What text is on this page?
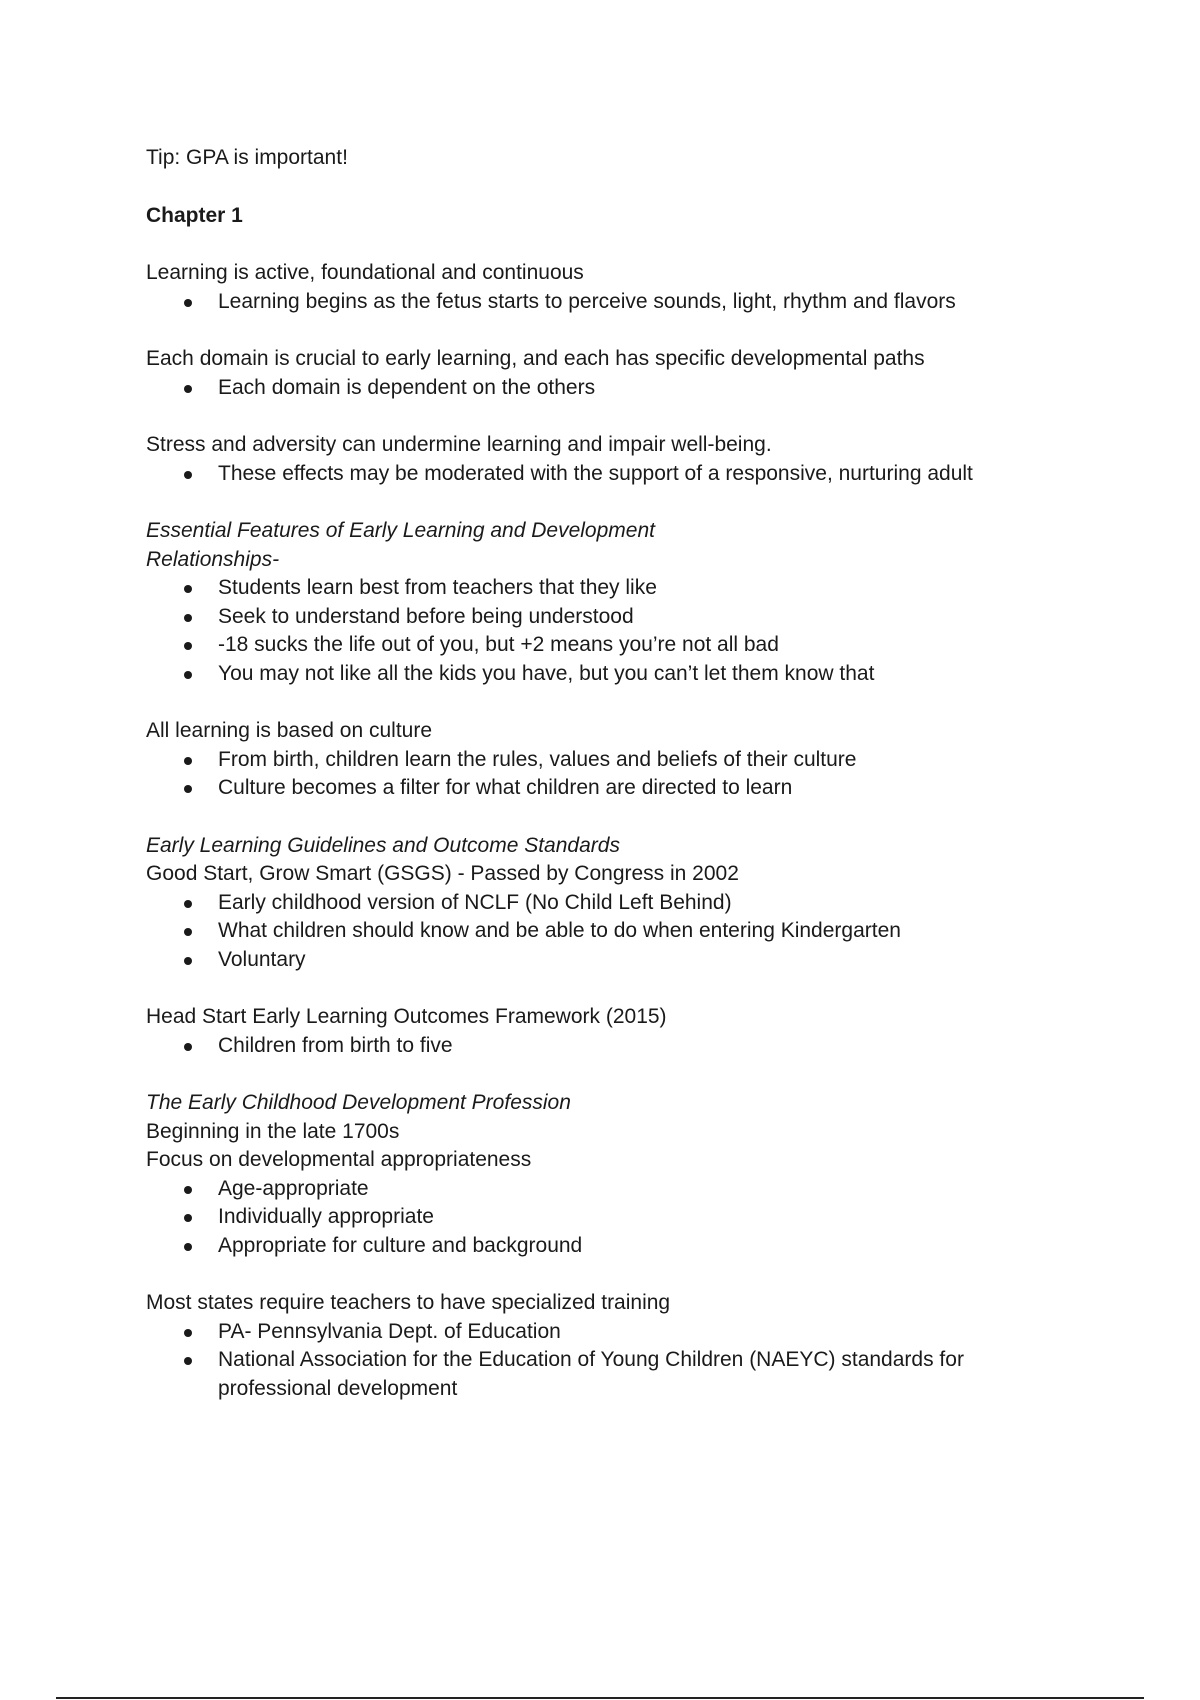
Tip: GPA is important!

Chapter 1

Learning is active, foundational and continuous

Learning begins as the fetus starts to perceive sounds, light, rhythm and flavors

Each domain is crucial to early learning, and each has specific developmental paths

Each domain is dependent on the others

Stress and adversity can undermine learning and impair well-being.

These effects may be moderated with the support of a responsive, nurturing adult

Essential Features of Early Learning and Development

Relationships-

Students learn best from teachers that they like
Seek to understand before being understood
-18 sucks the life out of you, but +2 means you’re not all bad
You may not like all the kids you have, but you can’t let them know that

All learning is based on culture

From birth, children learn the rules, values and beliefs of their culture
Culture becomes a filter for what children are directed to learn

Early Learning Guidelines and Outcome Standards

Good Start, Grow Smart (GSGS) - Passed by Congress in 2002

Early childhood version of NCLF (No Child Left Behind)
What children should know and be able to do when entering Kindergarten
Voluntary

Head Start Early Learning Outcomes Framework (2015)

Children from birth to five

The Early Childhood Development Profession

Beginning in the late 1700s

Focus on developmental appropriateness

Age-appropriate
Individually appropriate
Appropriate for culture and background

Most states require teachers to have specialized training

PA- Pennsylvania Dept. of Education
National Association for the Education of Young Children (NAEYC) standards for professional development
